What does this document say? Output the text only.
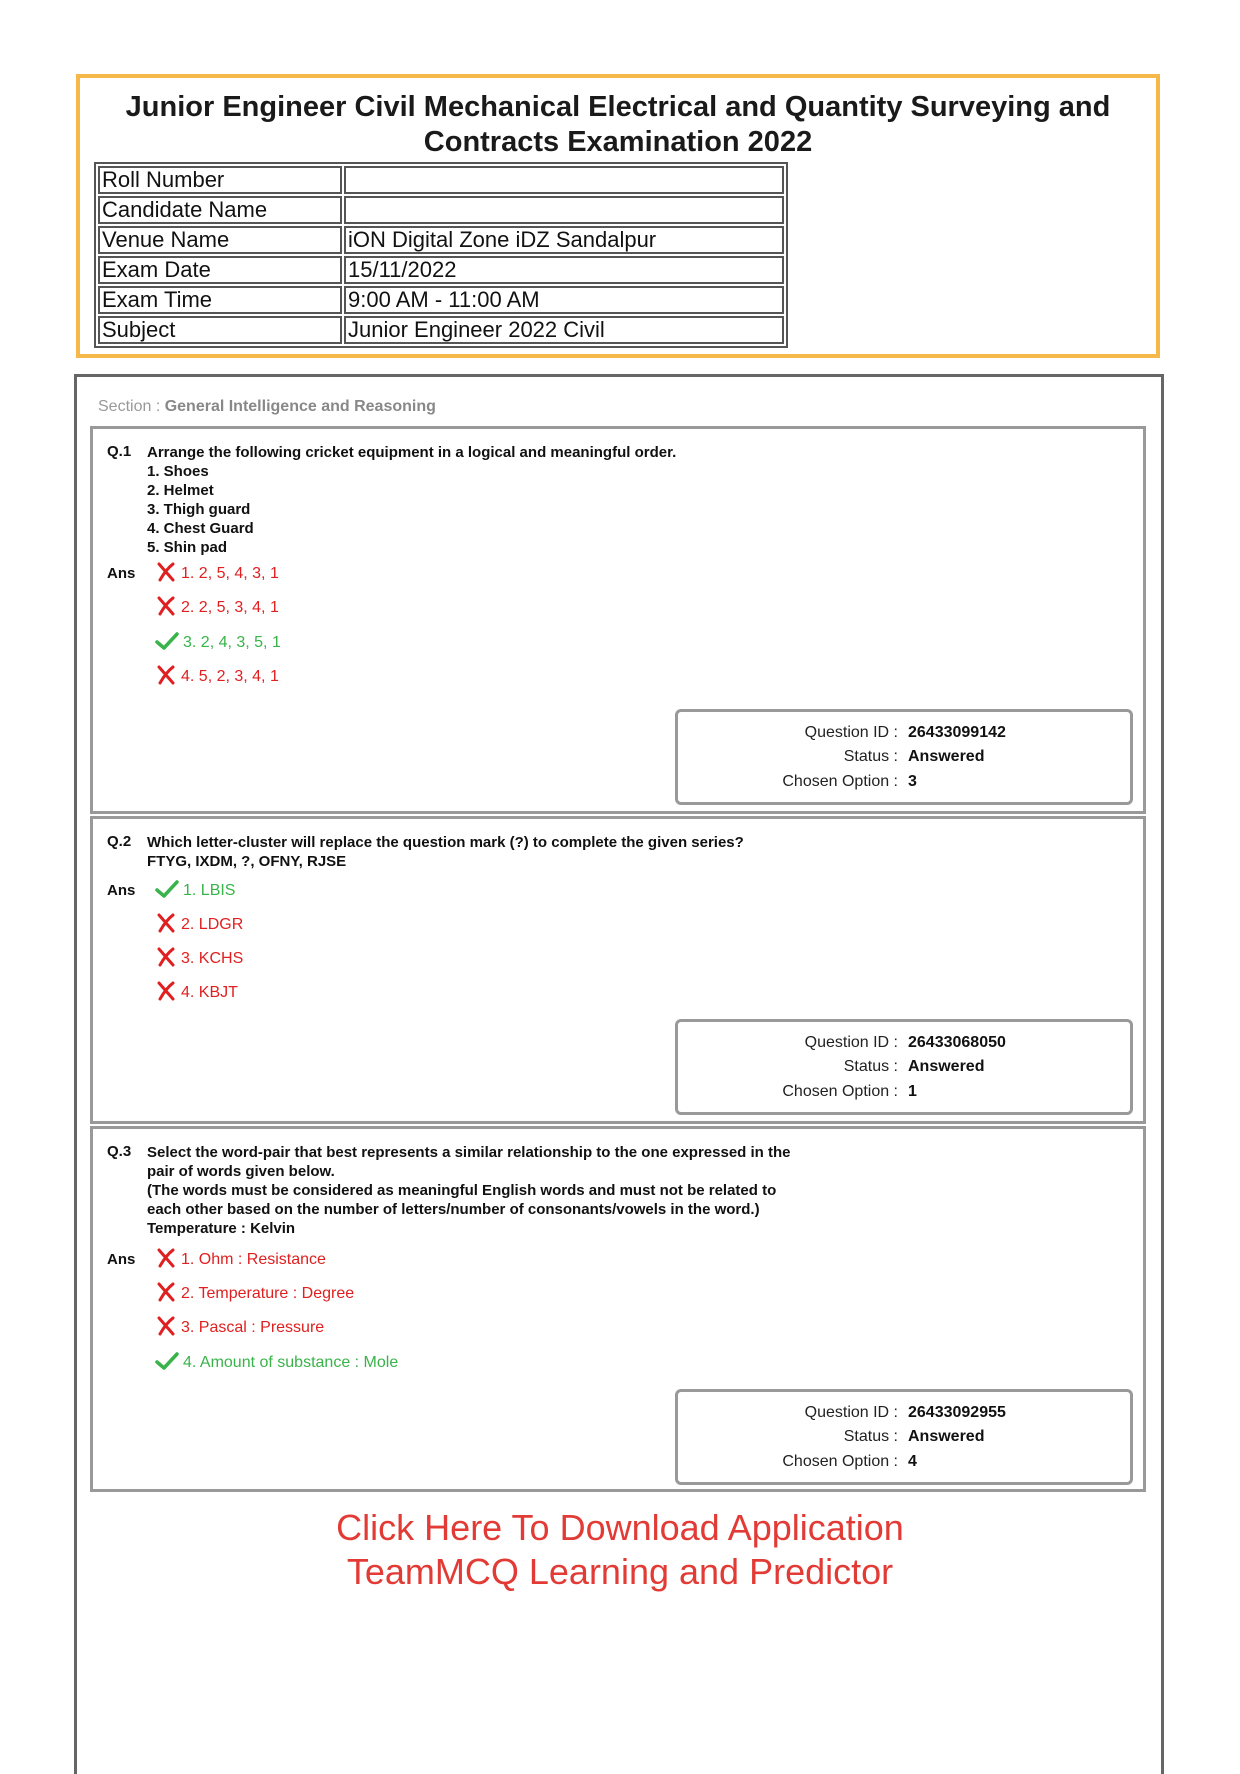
Junior Engineer Civil Mechanical Electrical and Quantity Surveying and Contracts Examination 2022
Roll Number	
Candidate Name	
Venue Name	iON Digital Zone iDZ Sandalpur
Exam Date	15/11/2022
Exam Time	9:00 AM - 11:00 AM
Subject	Junior Engineer 2022 Civil
Section : General Intelligence and Reasoning
Q.1 Arrange the following cricket equipment in a logical and meaningful order.
1. Shoes
2. Helmet
3. Thigh guard
4. Chest Guard
5. Shin pad
Ans	1. 2, 5, 4, 3, 1
2. 2, 5, 3, 4, 1
3. 2, 4, 3, 5, 1
4. 5, 2, 3, 4, 1
Question ID : 26433099142
Status : Answered
Chosen Option : 3
Q.2 Which letter-cluster will replace the question mark (?) to complete the given series?
FTYG, IXDM, ?, OFNY, RJSE
Ans	1. LBIS
2. LDGR
3. KCHS
4. KBJT
Question ID : 26433068050
Status : Answered
Chosen Option : 1
Q.3 Select the word-pair that best represents a similar relationship to the one expressed in the
pair of words given below.
(The words must be considered as meaningful English words and must not be related to
each other based on the number of letters/number of consonants/vowels in the word.)
Temperature : Kelvin
Ans	1. Ohm : Resistance
2. Temperature : Degree
3. Pascal : Pressure
4. Amount of substance : Mole
Question ID : 26433092955
Status : Answered
Chosen Option : 4
Click Here To Download Application
TeamMCQ Learning and Predictor
